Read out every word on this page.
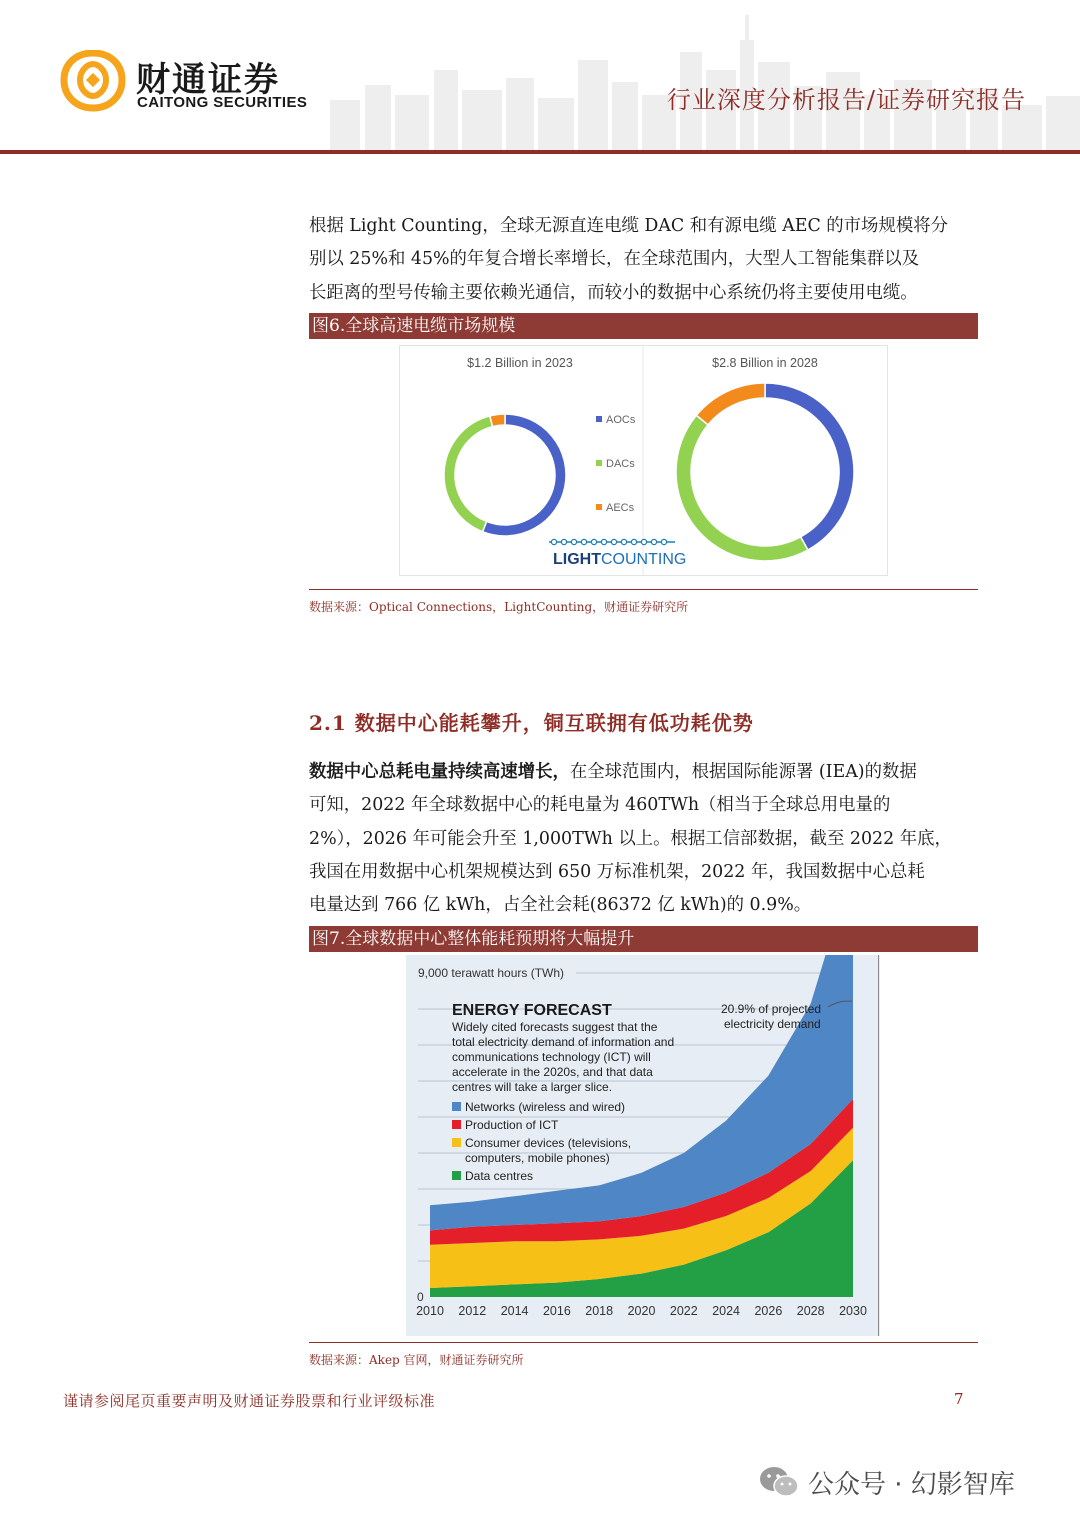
财通证券
CAITONG SECURITIES	行业深度分析报告/证券研究报告
根据 Light Counting，全球无源直连电缆 DAC 和有源电缆 AEC 的市场规模将分
别以 25%和 45%的年复合增长率增长，在全球范围内，大型人工智能集群以及
长距离的型号传输主要依赖光通信，而较小的数据中心系统仍将主要使用电缆。
图6.全球高速电缆市场规模
$1.2 Billion in 2023	$2.8 Billion in 2028
AOCs
DACs
AECs
LIGHTCOUNTING
数据来源：Optical Connections，LightCounting，财通证券研究所
2.1 数据中心能耗攀升，铜互联拥有低功耗优势
数据中心总耗电量持续高速增长，在全球范围内，根据国际能源署 (IEA)的数据
可知，2022 年全球数据中心的耗电量为 460TWh（相当于全球总用电量的
2%），2026 年可能会升至 1,000TWh 以上。根据工信部数据，截至 2022 年底，
我国在用数据中心机架规模达到 650 万标准机架，2022 年，我国数据中心总耗
电量达到 766 亿 kWh，占全社会耗(86372 亿 kWh)的 0.9%。
图7.全球数据中心整体能耗预期将大幅提升
2010 2012 2014 2016 2018 2020 2022 2024 2026 2028 2030
9,000 terawatt hours (TWh)
0
ENERGY FORECAST
Widely cited forecasts suggest that the
total electricity demand of information and
communications technology (ICT) will
accelerate in the 2020s, and that data
centres will take a larger slice.
Networks (wireless and wired)
Production of ICT
Consumer devices (televisions,
computers, mobile phones)
Data centres
20.9% of projected
electricity demand
数据来源：Akep 官网，财通证券研究所
谨请参阅尾页重要声明及财通证券股票和行业评级标准	7
公众号 · 幻影智库
